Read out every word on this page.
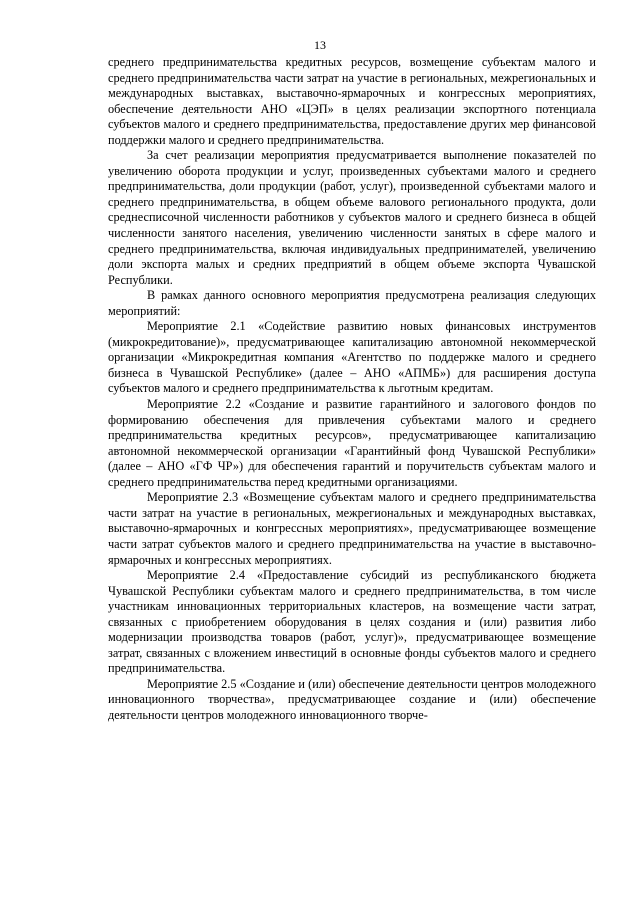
13

среднего предпринимательства кредитных ресурсов, возмещение субъектам малого и среднего предпринимательства части затрат на участие в региональных, межрегиональных и международных выставках, выставочно-ярмарочных и конгрессных мероприятиях, обеспечение деятельности АНО «ЦЭП» в целях реализации экспортного потенциала субъектов малого и среднего предпринимательства, предоставление других мер финансовой поддержки малого и среднего предпринимательства.

За счет реализации мероприятия предусматривается выполнение показателей по увеличению оборота продукции и услуг, произведенных субъектами малого и среднего предпринимательства, доли продукции (работ, услуг), произведенной субъектами малого и среднего предпринимательства, в общем объеме валового регионального продукта, доли среднесписочной численности работников у субъектов малого и среднего бизнеса в общей численности занятого населения, увеличению численности занятых в сфере малого и среднего предпринимательства, включая индивидуальных предпринимателей, увеличению доли экспорта малых и средних предприятий в общем объеме экспорта Чувашской Республики.

В рамках данного основного мероприятия предусмотрена реализация следующих мероприятий:

Мероприятие 2.1 «Содействие развитию новых финансовых инструментов (микрокредитование)», предусматривающее капитализацию автономной некоммерческой организации «Микрокредитная компания «Агентство по поддержке малого и среднего бизнеса в Чувашской Республике» (далее – АНО «АПМБ») для расширения доступа субъектов малого и среднего предпринимательства к льготным кредитам.

Мероприятие 2.2 «Создание и развитие гарантийного и залогового фондов по формированию обеспечения для привлечения субъектами малого и среднего предпринимательства кредитных ресурсов», предусматривающее капитализацию автономной некоммерческой организации «Гарантийный фонд Чувашской Республики» (далее – АНО «ГФ ЧР») для обеспечения гарантий и поручительств субъектам малого и среднего предпринимательства перед кредитными организациями.

Мероприятие 2.3 «Возмещение субъектам малого и среднего предпринимательства части затрат на участие в региональных, межрегиональных и международных выставках, выставочно-ярмарочных и конгрессных мероприятиях», предусматривающее возмещение части затрат субъектов малого и среднего предпринимательства на участие в выставочно-ярмарочных и конгрессных мероприятиях.

Мероприятие 2.4 «Предоставление субсидий из республиканского бюджета Чувашской Республики субъектам малого и среднего предпринимательства, в том числе участникам инновационных территориальных кластеров, на возмещение части затрат, связанных с приобретением оборудования в целях создания и (или) развития либо модернизации производства товаров (работ, услуг)», предусматривающее возмещение затрат, связанных с вложением инвестиций в основные фонды субъектов малого и среднего предпринимательства.

Мероприятие 2.5 «Создание и (или) обеспечение деятельности центров молодежного инновационного творчества», предусматривающее создание и (или) обеспечение деятельности центров молодежного инновационного творче-
